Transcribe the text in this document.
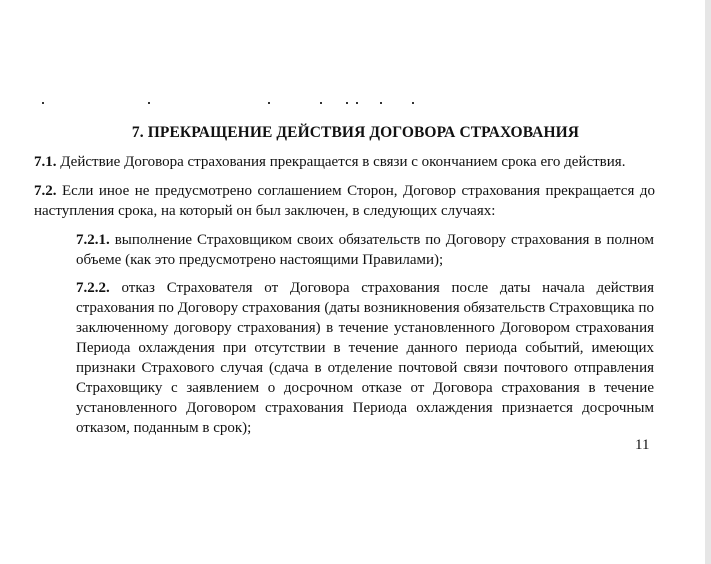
7. ПРЕКРАЩЕНИЕ ДЕЙСТВИЯ ДОГОВОРА СТРАХОВАНИЯ
7.1. Действие Договора страхования прекращается в связи с окончанием срока его действия.
7.2. Если иное не предусмотрено соглашением Сторон, Договор страхования прекращается до наступления срока, на который он был заключен, в следующих случаях:
7.2.1. выполнение Страховщиком своих обязательств по Договору страхования в полном объеме (как это предусмотрено настоящими Правилами);
7.2.2. отказ Страхователя от Договора страхования после даты начала действия страхования по Договору страхования (даты возникновения обязательств Страховщика по заключенному договору страхования) в течение установленного Договором страхования Периода охлаждения при отсутствии в течение данного периода событий, имеющих признаки Страхового случая (сдача в отделение почтовой связи почтового отправления Страховщику с заявлением о досрочном отказе от Договора страхования в течение установленного Договором страхования Периода охлаждения признается досрочным отказом, поданным в срок);
11
